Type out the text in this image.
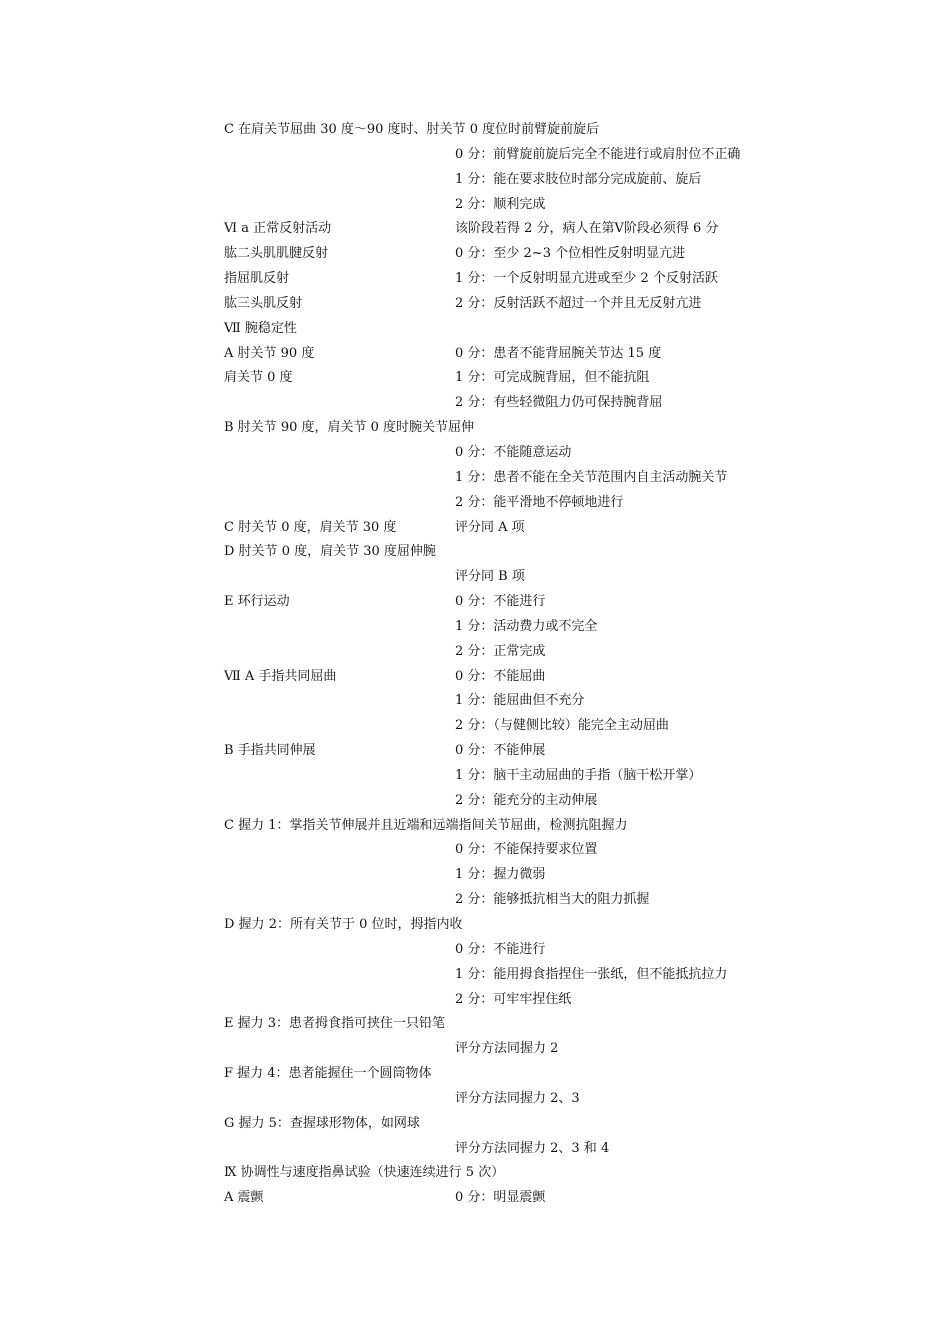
C 在肩关节屈曲 30 度～90 度时、肘关节 0 度位时前臂旋前旋后
0 分：前臂旋前旋后完全不能进行或肩肘位不正确
1 分：能在要求肢位时部分完成旋前、旋后
2 分：顺利完成
Ⅵ a 正常反射活动	该阶段若得 2 分，病人在第Ⅴ阶段必须得 6 分
肱二头肌肌腱反射	0 分：至少 2~3 个位相性反射明显亢进
指屈肌反射	1 分：一个反射明显亢进或至少 2 个反射活跃
肱三头肌反射	2 分：反射活跃不超过一个并且无反射亢进
Ⅶ 腕稳定性
A 肘关节 90 度	0 分：患者不能背屈腕关节达 15 度
肩关节 0 度	1 分：可完成腕背屈，但不能抗阻
2 分：有些轻微阻力仍可保持腕背屈
B 肘关节 90 度，肩关节 0 度时腕关节屈伸
0 分：不能随意运动
1 分：患者不能在全关节范围内自主活动腕关节
2 分：能平滑地不停顿地进行
C 肘关节 0 度，肩关节 30 度	评分同 A 项
D 肘关节 0 度，肩关节 30 度屈伸腕
评分同 B 项
E 环行运动	0 分：不能进行
1 分：活动费力或不完全
2 分：正常完成
Ⅶ A 手指共同屈曲	0 分：不能屈曲
1 分：能屈曲但不充分
2 分：（与健侧比较）能完全主动屈曲
B 手指共同伸展	0 分：不能伸展
1 分：脑干主动屈曲的手指（脑干松开掌）
2 分：能充分的主动伸展
C 握力 1：掌指关节伸展并且近端和远端指间关节屈曲，检测抗阻握力
0 分：不能保持要求位置
1 分：握力微弱
2 分：能够抵抗相当大的阻力抓握
D 握力 2：所有关节于 0 位时，拇指内收
0 分：不能进行
1 分：能用拇食指捏住一张纸，但不能抵抗拉力
2 分：可牢牢捏住纸
E 握力 3：患者拇食指可挟住一只铅笔
评分方法同握力 2
F 握力 4：患者能握住一个圆筒物体
评分方法同握力 2、3
G 握力 5：查握球形物体，如网球
评分方法同握力 2、3 和 4
Ⅸ 协调性与速度指鼻试验（快速连续进行 5 次）
A 震颤	0 分：明显震颤
